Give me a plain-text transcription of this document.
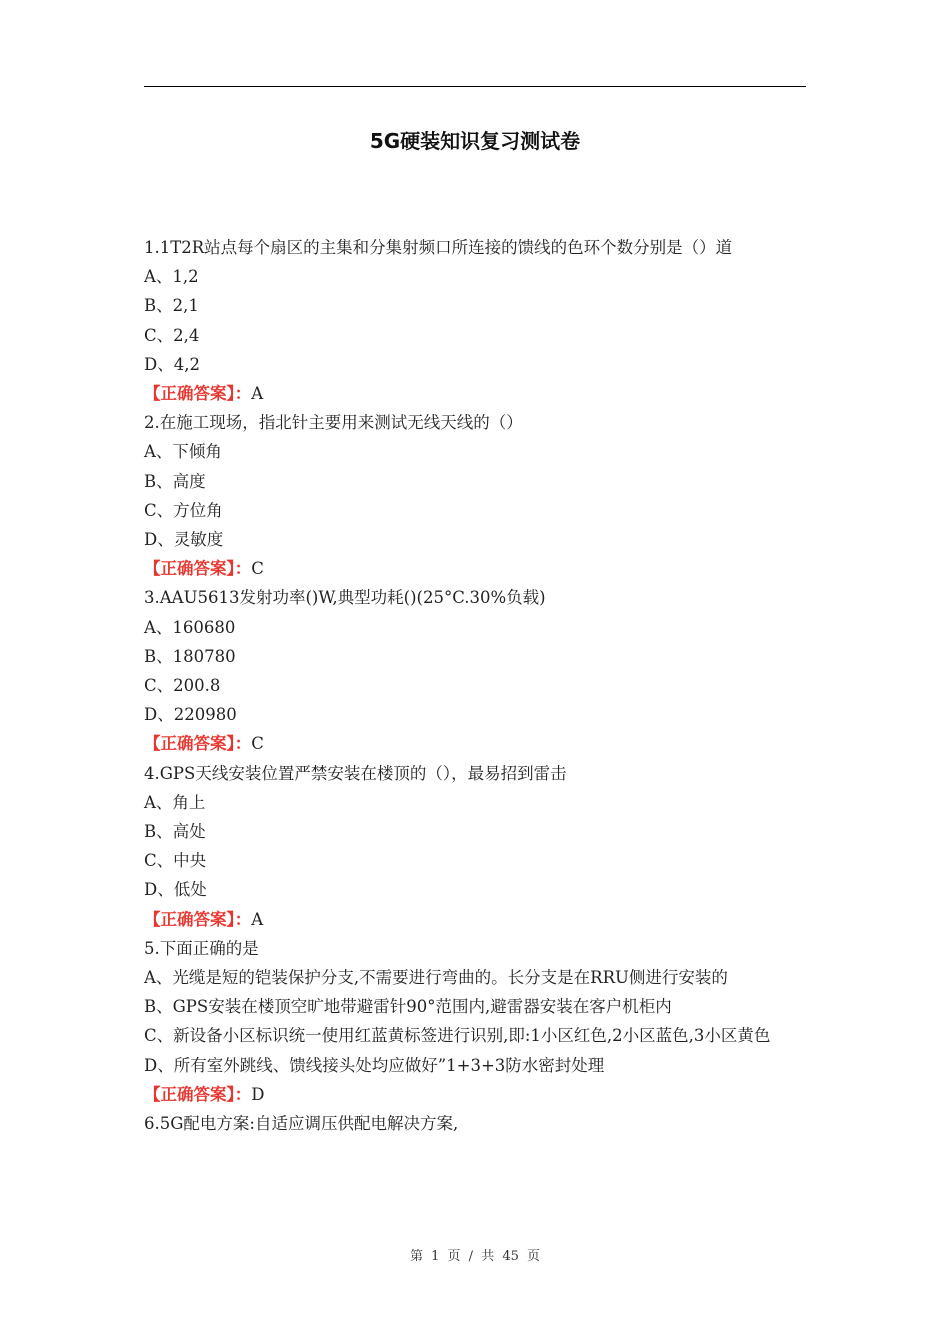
5G硬装知识复习测试卷

1.1T2R站点每个扇区的主集和分集射频口所连接的馈线的色环个数分别是（）道

A、1,2

B、2,1

C、2,4

D、4,2

【正确答案】：A

2.在施工现场，指北针主要用来测试无线天线的（）

A、下倾角

B、高度

C、方位角

D、灵敏度

【正确答案】：C

3.AAU5613发射功率()W,典型功耗()(25°C.30%负载)

A、160680

B、180780

C、200.8

D、220980

【正确答案】：C

4.GPS天线安装位置严禁安装在楼顶的（），最易招到雷击

A、角上

B、高处

C、中央

D、低处

【正确答案】：A

5.下面正确的是

A、光缆是短的铠装保护分支,不需要进行弯曲的。长分支是在RRU侧进行安装的

B、GPS安装在楼顶空旷地带避雷针90°范围内,避雷器安装在客户机柜内

C、新设备小区标识统一使用红蓝黄标签进行识别,即:1小区红色,2小区蓝色,3小区黄色

D、所有室外跳线、馈线接头处均应做好”1+3+3防水密封处理

【正确答案】：D

6.5G配电方案:自适应调压供配电解决方案,

第 1 页 / 共 45 页
